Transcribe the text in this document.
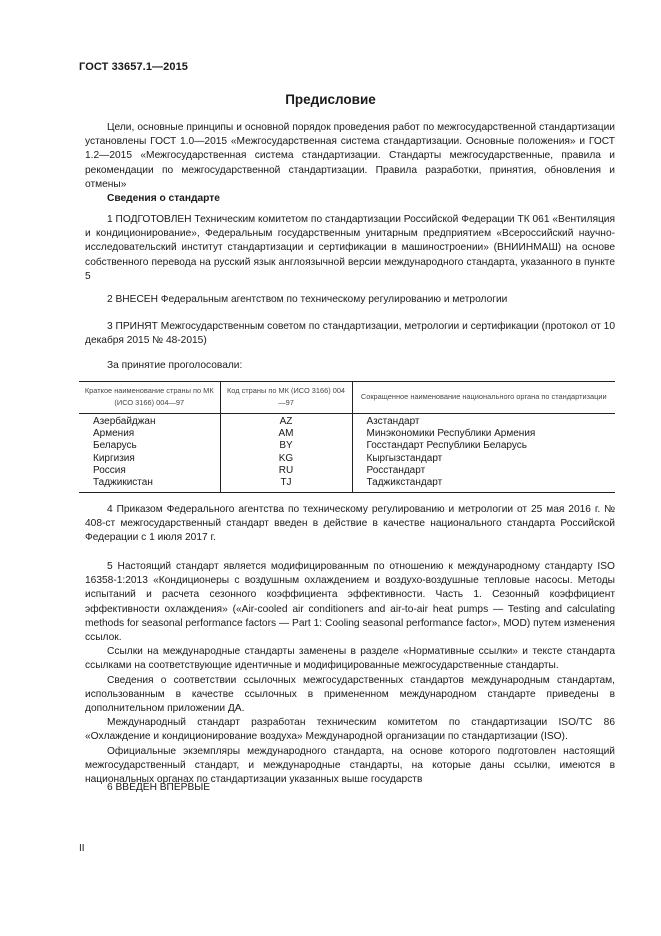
ГОСТ 33657.1—2015
Предисловие

Цели, основные принципы и основной порядок проведения работ по межгосударственной стандартизации установлены ГОСТ 1.0—2015 «Межгосударственная система стандартизации. Основные положения» и ГОСТ 1.2—2015 «Межгосударственная система стандартизации. Стандарты межгосударственные, правила и рекомендации по межгосударственной стандартизации. Правила разработки, принятия, обновления и отмены»

Сведения о стандарте

1 ПОДГОТОВЛЕН Техническим комитетом по стандартизации Российской Федерации ТК 061 «Вентиляция и кондиционирование», Федеральным государственным унитарным предприятием «Всероссийский научно-исследовательский институт стандартизации и сертификации в машиностроении» (ВНИИНМАШ) на основе собственного перевода на русский язык англоязычной версии международного стандарта, указанного в пункте 5

2 ВНЕСЕН Федеральным агентством по техническому регулированию и метрологии

3 ПРИНЯТ Межгосударственным советом по стандартизации, метрологии и сертификации (протокол от 10 декабря 2015 № 48-2015)

За принятие проголосовали:
Краткое наименование страны по МК (ИСО 3166) 004—97	Код страны по МК (ИСО 3166) 004—97	Сокращенное наименование национального органа по стандартизации
Азербайджан	AZ	Азстандарт
Армения	AM	Минэкономики Республики Армения
Беларусь	BY	Госстандарт Республики Беларусь
Киргизия	KG	Кыргызстандарт
Россия	RU	Росстандарт
Таджикистан	TJ	Таджикстандарт

4 Приказом Федерального агентства по техническому регулированию и метрологии от 25 мая 2016 г. № 408-ст межгосударственный стандарт введен в действие в качестве национального стандарта Российской Федерации с 1 июля 2017 г.

5 Настоящий стандарт является модифицированным по отношению к международному стандарту ISO 16358-1:2013 «Кондиционеры с воздушным охлаждением и воздухо-воздушные тепловые насосы. Методы испытаний и расчета сезонного коэффициента эффективности. Часть 1. Сезонный коэффициент эффективности охлаждения» («Air-cooled air conditioners and air-to-air heat pumps — Testing and calculating methods for seasonal performance factors — Part 1: Cooling seasonal performance factor», MOD) путем изменения ссылок.

Ссылки на международные стандарты заменены в разделе «Нормативные ссылки» и тексте стандарта ссылками на соответствующие идентичные и модифицированные межгосударственные стандарты.

Сведения о соответствии ссылочных межгосударственных стандартов международным стандартам, использованным в качестве ссылочных в примененном международном стандарте приведены в дополнительном приложении ДА.

Международный стандарт разработан техническим комитетом по стандартизации ISO/TC 86 «Охлаждение и кондиционирование воздуха» Международной организации по стандартизации (ISO).

Официальные экземпляры международного стандарта, на основе которого подготовлен настоящий межгосударственный стандарт, и международные стандарты, на которые даны ссылки, имеются в национальных органах по стандартизации указанных выше государств

6 ВВЕДЕН ВПЕРВЫЕ
II
